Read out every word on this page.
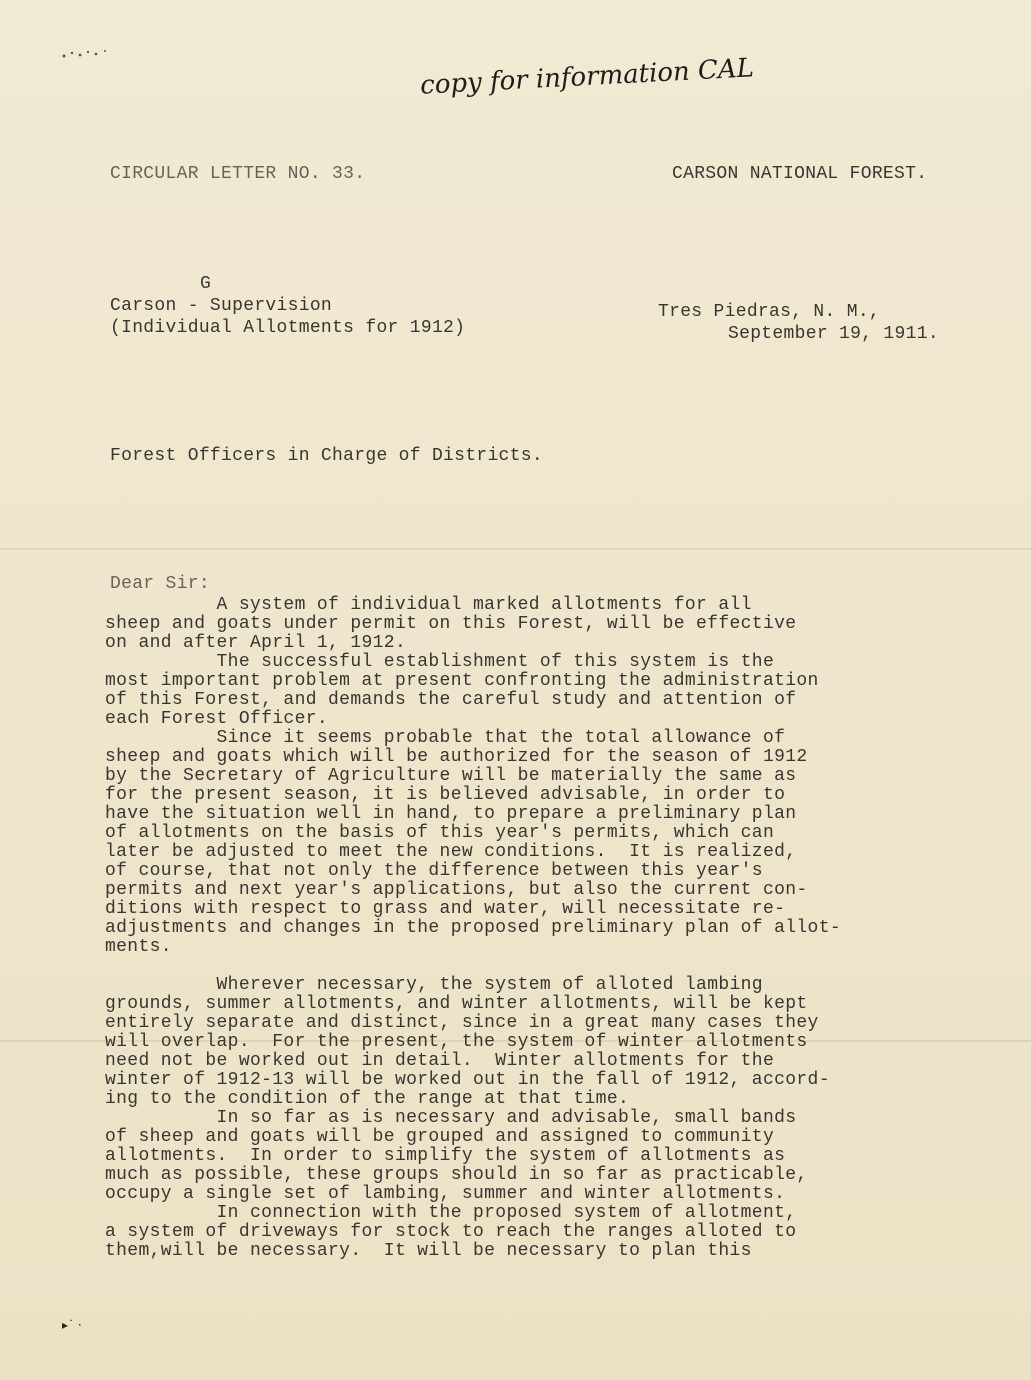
copy for information CAL
CIRCULAR LETTER NO. 33.	CARSON NATIONAL FOREST.
G
Carson - Supervision
(Individual Allotments for 1912)
Tres Piedras, N. M.,
September 19, 1911.
Forest Officers in Charge of Districts.
Dear Sir:
A system of individual marked allotments for all
sheep and goats under permit on this Forest, will be effective
on and after April 1, 1912.
The successful establishment of this system is the
most important problem at present confronting the administration
of this Forest, and demands the careful study and attention of
each Forest Officer.
Since it seems probable that the total allowance of
sheep and goats which will be authorized for the season of 1912
by the Secretary of Agriculture will be materially the same as
for the present season, it is believed advisable, in order to
have the situation well in hand, to prepare a preliminary plan
of allotments on the basis of this year's permits, which can
later be adjusted to meet the new conditions.  It is realized,
of course, that not only the difference between this year's
permits and next year's applications, but also the current con-
ditions with respect to grass and water, will necessitate re-
adjustments and changes in the proposed preliminary plan of allot-
ments.
Wherever necessary, the system of alloted lambing
grounds, summer allotments, and winter allotments, will be kept
entirely separate and distinct, since in a great many cases they
will overlap.  For the present, the system of winter allotments
need not be worked out in detail.  Winter allotments for the
winter of 1912-13 will be worked out in the fall of 1912, accord-
ing to the condition of the range at that time.
In so far as is necessary and advisable, small bands
of sheep and goats will be grouped and assigned to community
allotments.  In order to simplify the system of allotments as
much as possible, these groups should in so far as practicable,
occupy a single set of lambing, summer and winter allotments.
In connection with the proposed system of allotment,
a system of driveways for stock to reach the ranges alloted to
them,will be necessary.  It will be necessary to plan this
▸˙ ·
